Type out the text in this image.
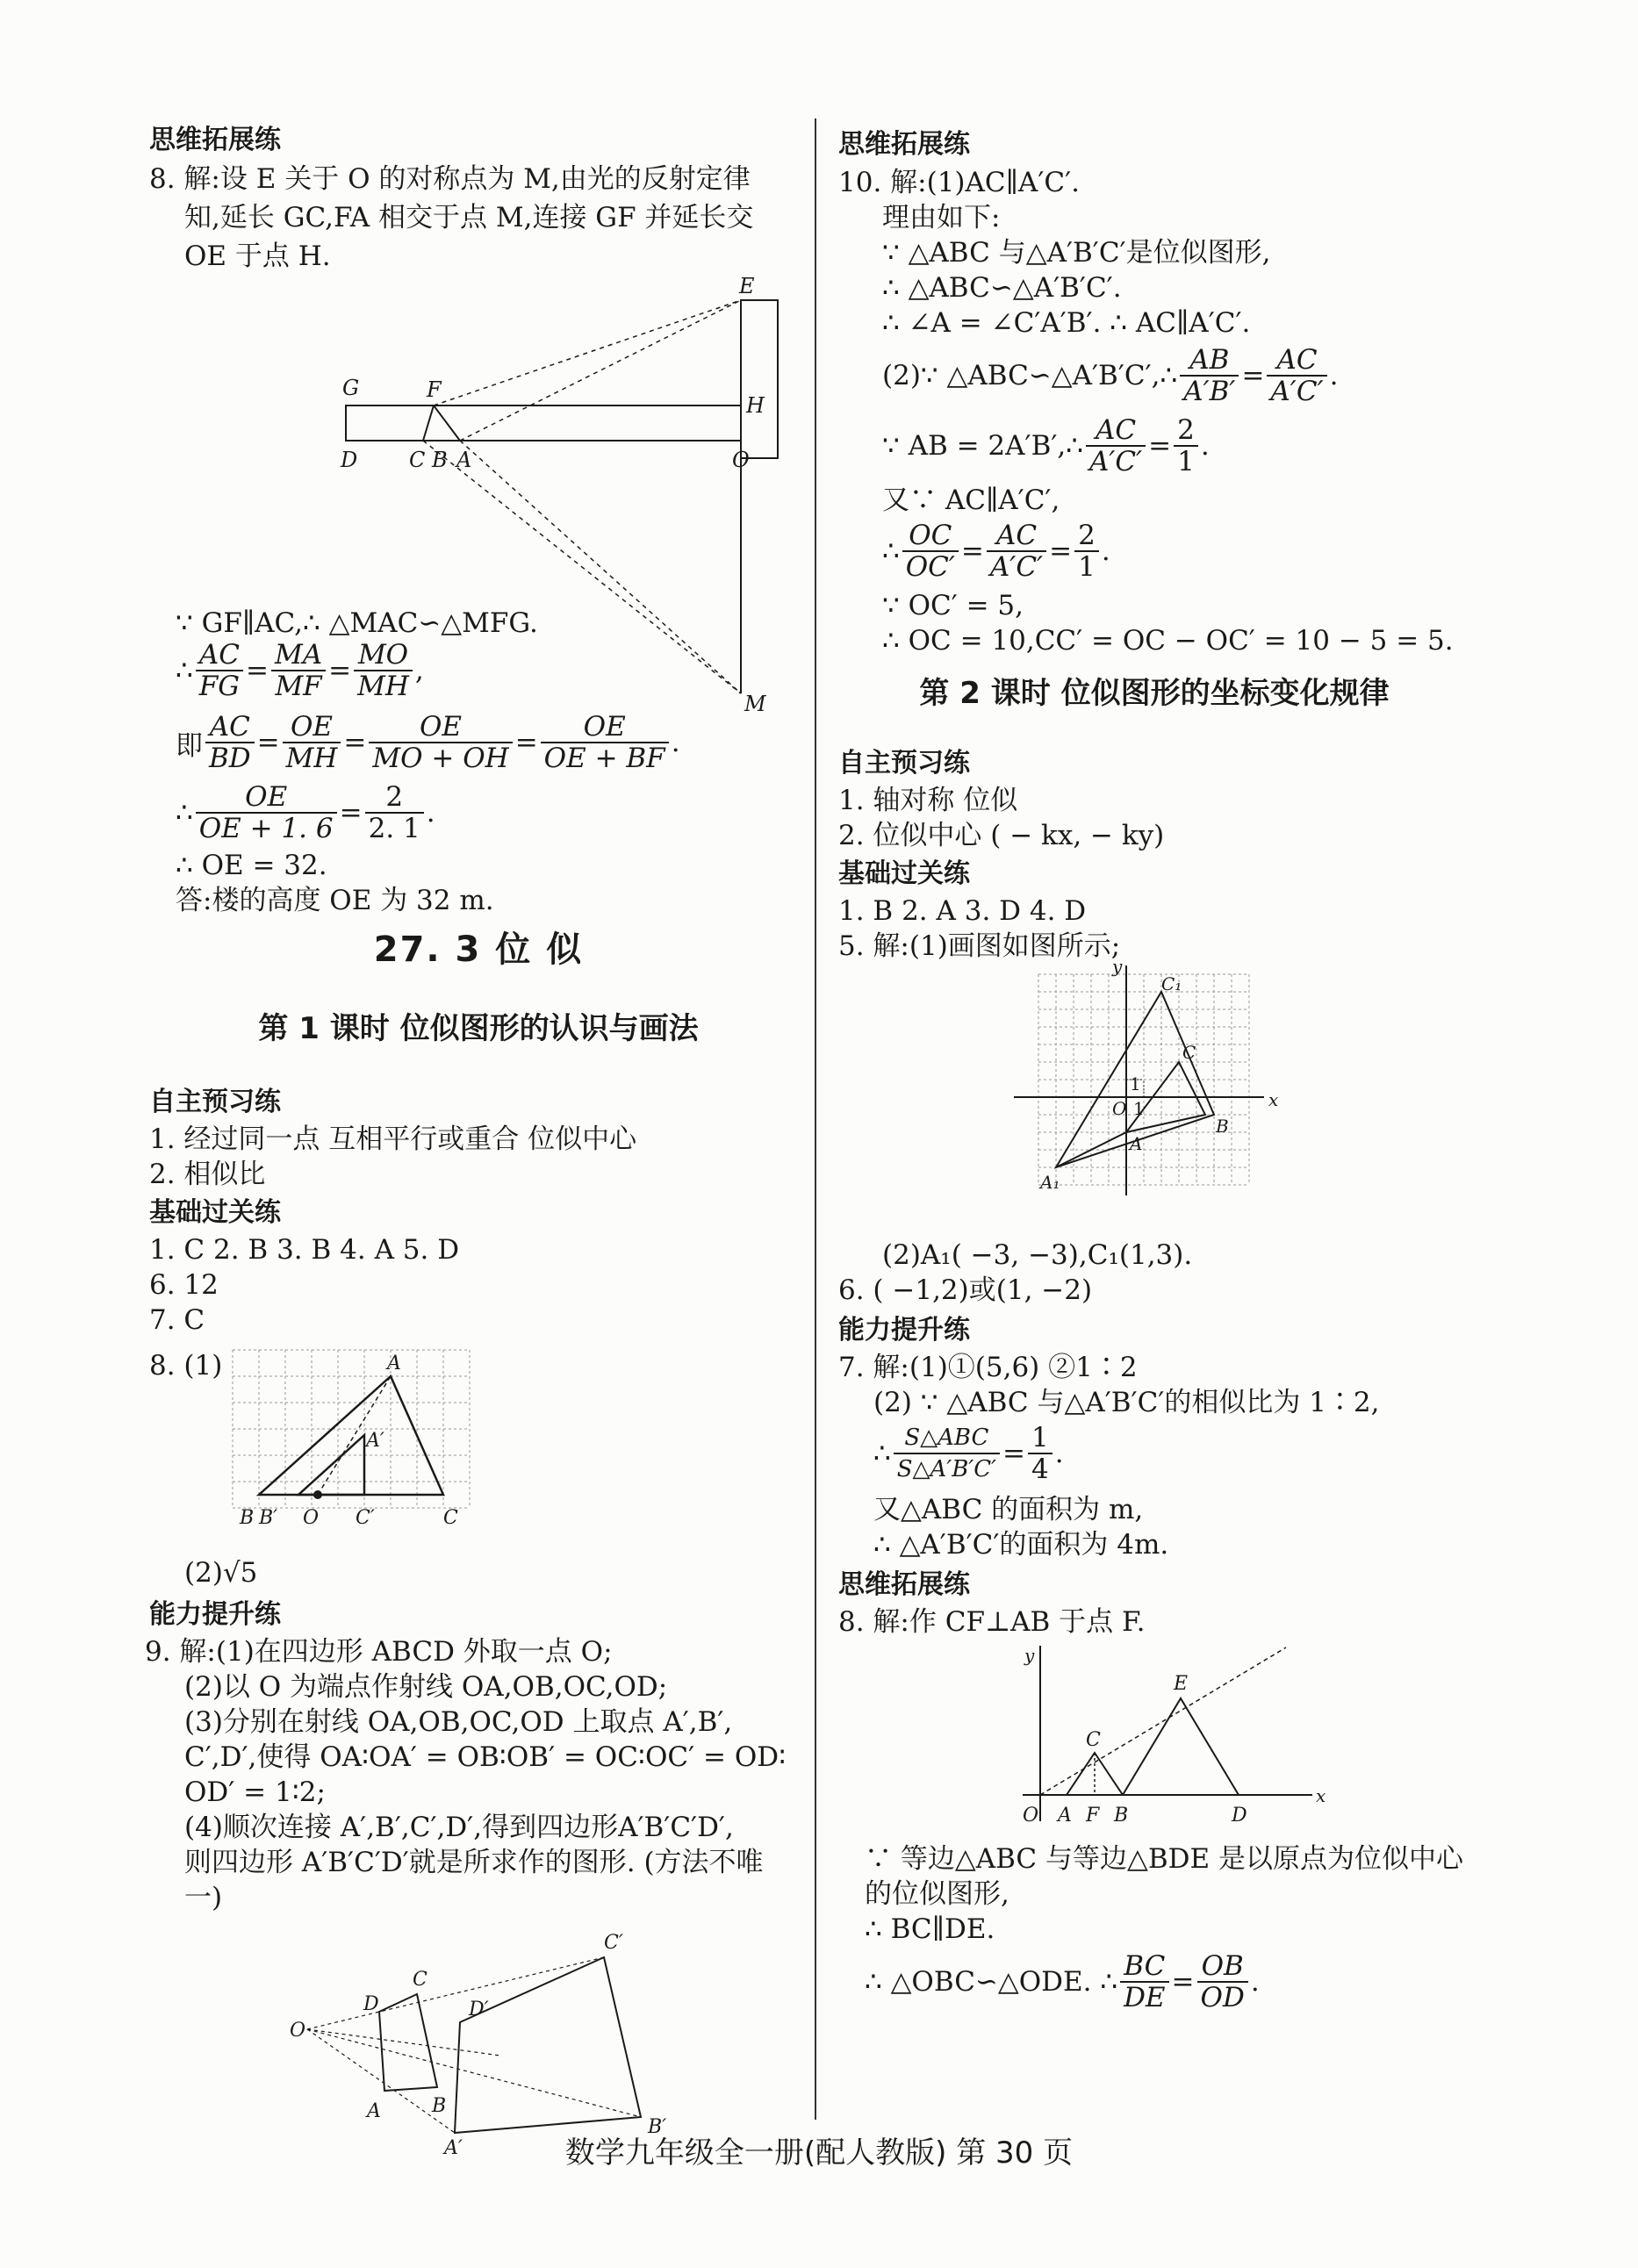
思维拓展练
8. 解:设 E 关于 O 的对称点为 M,由光的反射定律
知,延长 GC,FA 相交于点 M,连接 GF 并延长交
OE 于点 H.
E
G	F
H
D C B A	O
M
∵ GF∥AC,∴ △MAC∽△MFG.
∴ $\frac{AC}{FG} = \frac{MA}{MF} = \frac{MO}{MH}$ ,
即 $\frac{AC}{BD} = \frac{OE}{MH} = \frac{OE}{MO + OH} = \frac{OE}{OE + BF}$ .
∴ $\frac{OE}{OE + 1. 6} = \frac{2}{2. 1}$ .
∴ OE = 32.
答:楼的高度 OE 为 32 m.
27. 3 位 似
第 1 课时 位似图形的认识与画法
自主预习练
1. 经过同一点 互相平行或重合 位似中心
2. 相似比
基础过关练
1. C 2. B 3. B 4. A 5. D
6. 12
7. C
8. (1)	A
A′
B B′ O C′	C
(2)√5
能力提升练
9. 解:(1)在四边形 ABCD 外取一点 O;
(2)以 O 为端点作射线 OA,OB,OC,OD;
(3)分别在射线 OA,OB,OC,OD 上取点 A′,B′,
C′,D′,使得 OA∶OA′ = OB∶OB′ = OC∶OC′ = OD∶
OD′ = 1∶2;
(4)顺次连接 A′,B′,C′,D′,得到四边形A′B′C′D′,
则四边形 A′B′C′D′就是所求作的图形. (方法不唯
一)
O
A	B
C
D
A′
B′
C′
D′
思维拓展练
10. 解:(1)AC∥A′C′.
理由如下:
∵ △ABC 与△A′B′C′是位似图形,
∴ △ABC∽△A′B′C′.
∴ ∠A = ∠C′A′B′. ∴ AC∥A′C′.
(2)∵ △ABC∽△A′B′C′,∴ $\frac{AB}{A'B'} = \frac{AC}{A'C'}$ .
∵ AB = 2A′B′,∴ $\frac{AC}{A'C'} = \frac{2}{1}$ .
又∵ AC∥A′C′,
∴ $\frac{OC}{OC'} = \frac{AC}{A'C'} = \frac{2}{1}$ .
∵ OC′ = 5,
∴ OC = 10,CC′ = OC − OC′ = 10 − 5 = 5.
第 2 课时 位似图形的坐标变化规律
自主预习练
1. 轴对称 位似
2. 位似中心 ( − kx, − ky)
基础过关练
1. B 2. A 3. D 4. D
5. 解:(1)画图如图所示;
y
x
C₁
C
1
O 1
B
A
A₁
(2)A₁( −3, −3),C₁(1,3).
6. ( −1,2)或(1, −2)
能力提升练
7. 解:(1)①(5,6) ②1∶2
(2) ∵ △ABC 与△A′B′C′的相似比为 1∶2,
∴ $\frac{\text{S△ABC}}{S\triangle A'B'C'} = \frac{1}{4}$ .
又△ABC 的面积为 m,
∴ △A′B′C′的面积为 4m.
思维拓展练
8. 解:作 CF⊥AB 于点 F.
y
x
E
C
O A F B	D
∵ 等边△ABC 与等边△BDE 是以原点为位似中心
的位似图形,
∴ BC∥DE.
∴ △OBC∽△ODE. ∴ $\frac{BC}{DE} = \frac{OB}{OD}$ .
数学九年级全一册(配人教版) 第 30 页
